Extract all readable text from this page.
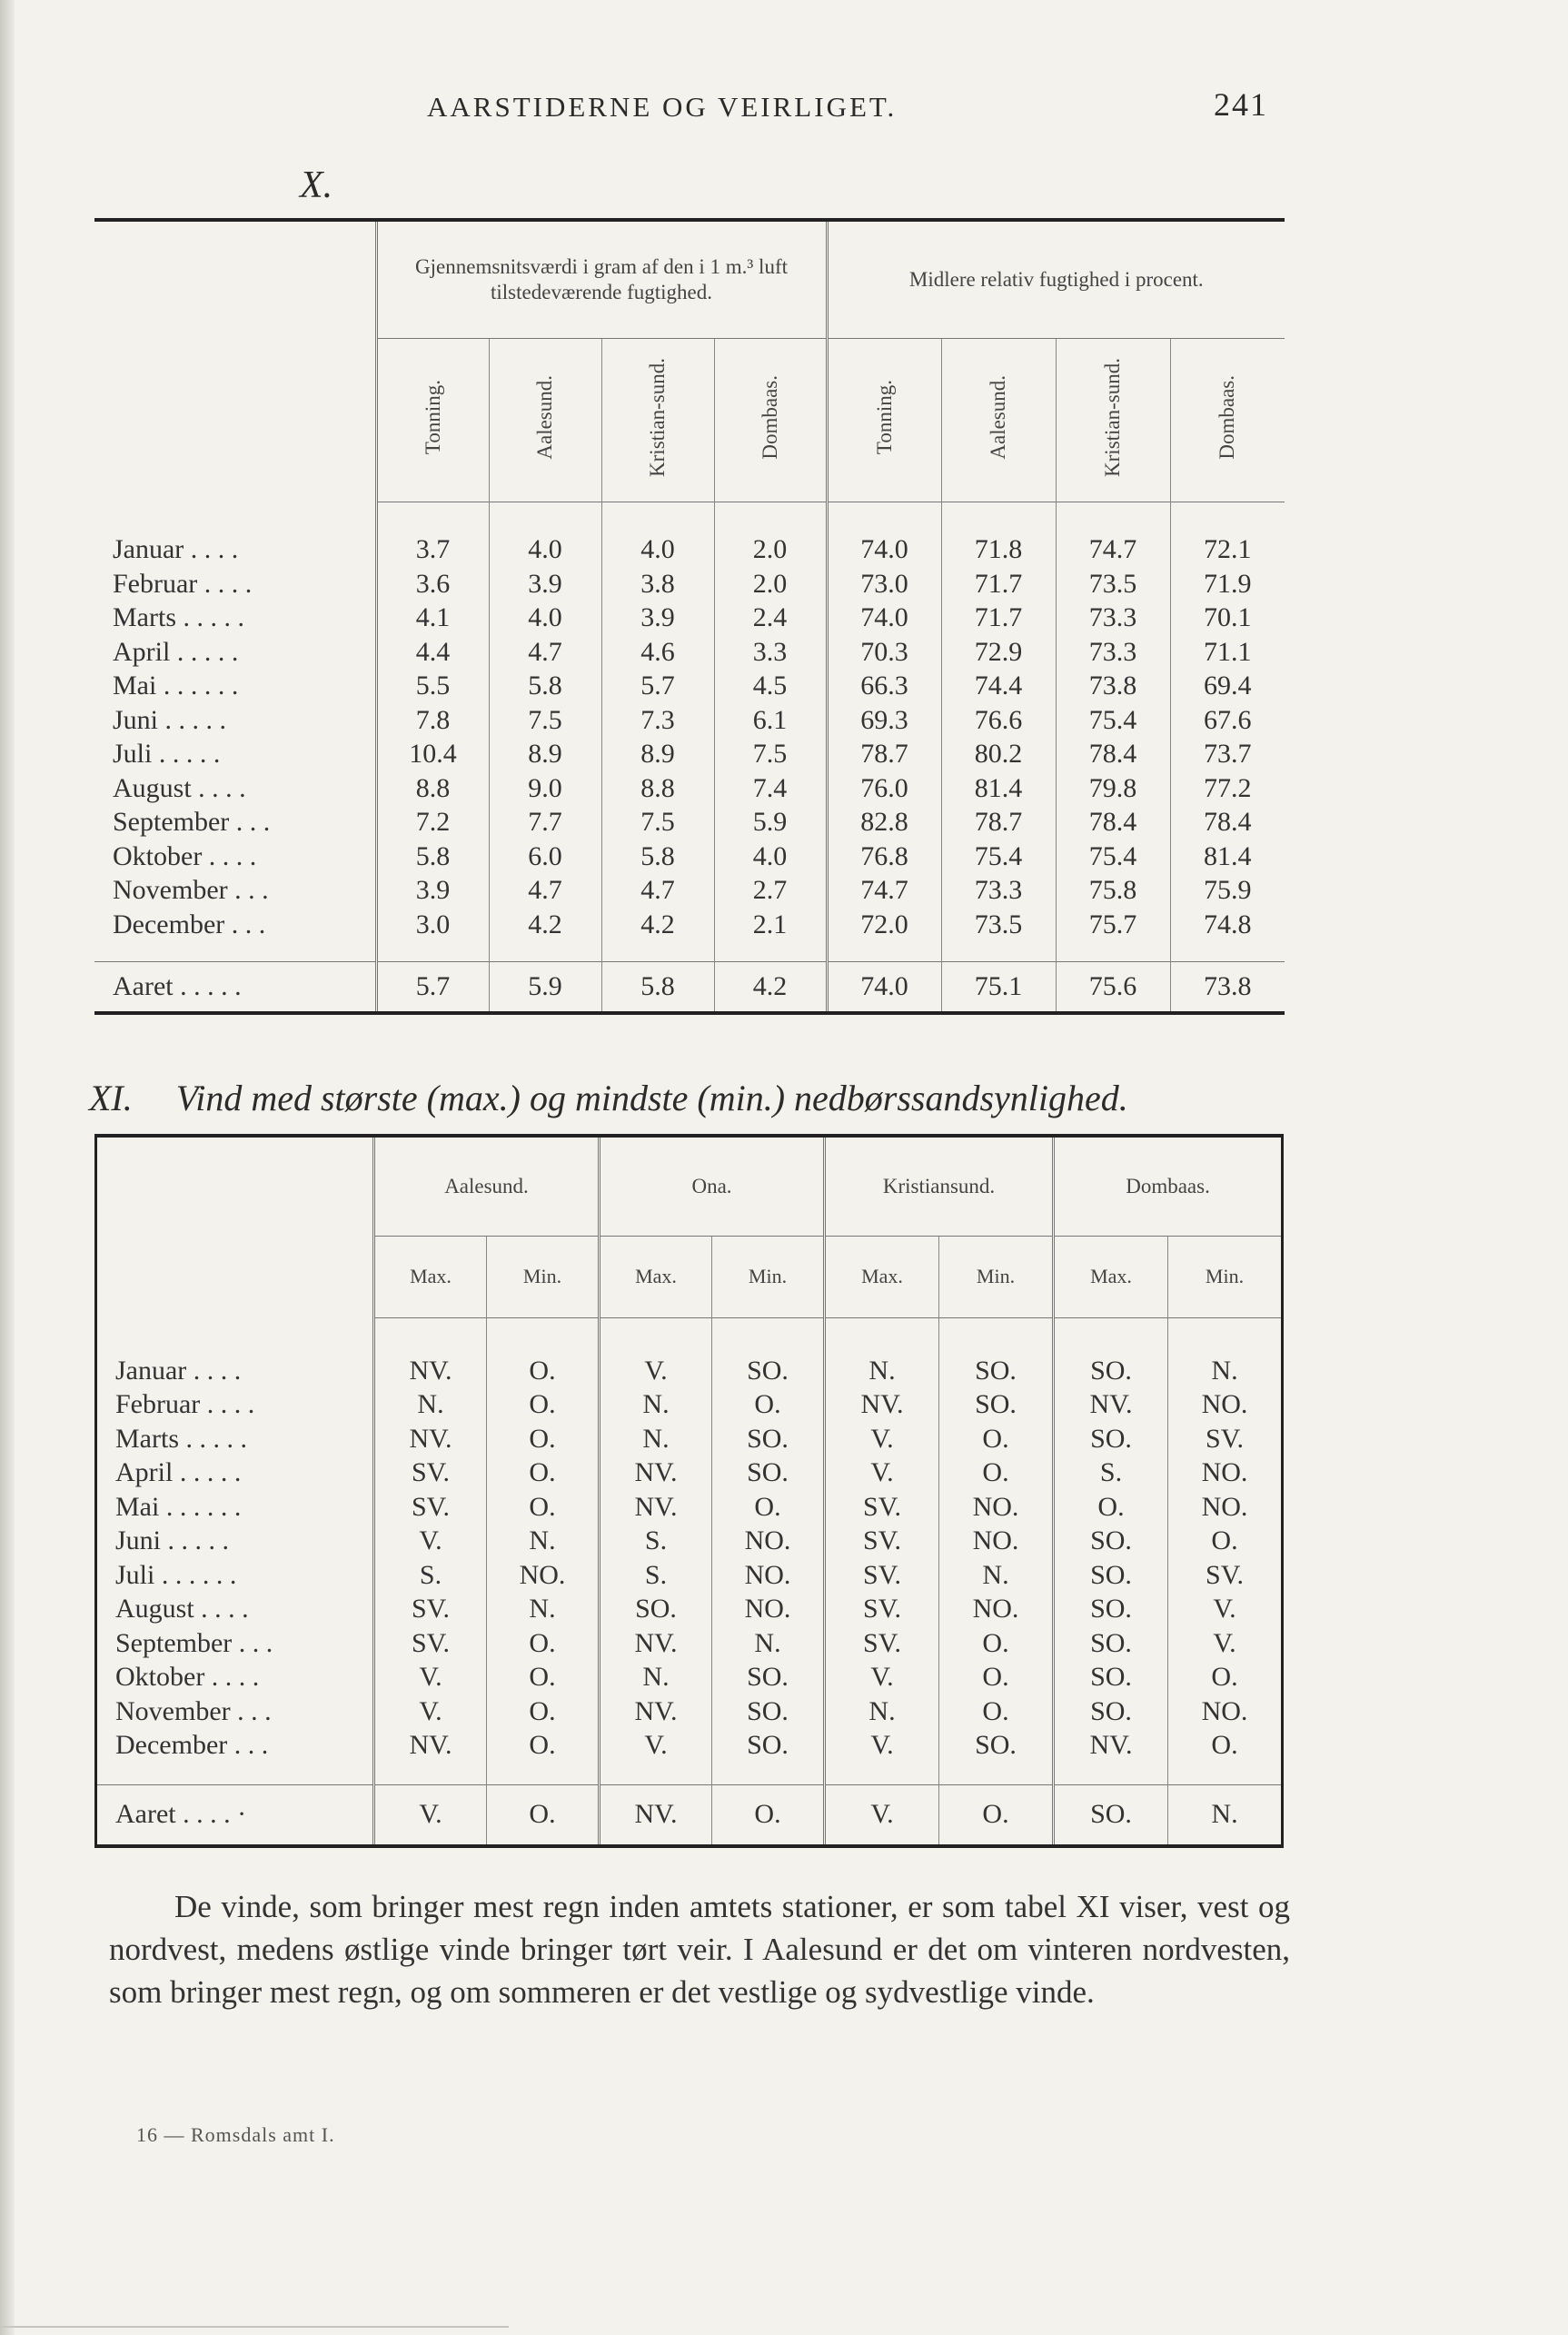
AARSTIDERNE OG VEIRLIGET.	241
X.
	Gjennemsnitsværdi i gram af den i 1 m.³ luft tilstedeværende fugtighed.				Midlere relativ fugtighed i procent.			
	Tonning.	Aalesund.	Kristian-sund.	Dombaas.	Tonning.	Aalesund.	Kristian-sund.	Dombaas.

Januar . . . .	3.7	4.0	4.0	2.0	74.0	71.8	74.7	72.1
Februar . . . .	3.6	3.9	3.8	2.0	73.0	71.7	73.5	71.9
Marts . . . . .	4.1	4.0	3.9	2.4	74.0	71.7	73.3	70.1
April . . . . .	4.4	4.7	4.6	3.3	70.3	72.9	73.3	71.1
Mai . . . . . .	5.5	5.8	5.7	4.5	66.3	74.4	73.8	69.4
Juni . . . . .	7.8	7.5	7.3	6.1	69.3	76.6	75.4	67.6
Juli . . . . .	10.4	8.9	8.9	7.5	78.7	80.2	78.4	73.7
August . . . .	8.8	9.0	8.8	7.4	76.0	81.4	79.8	77.2
September . . .	7.2	7.7	7.5	5.9	82.8	78.7	78.4	78.4
Oktober . . . .	5.8	6.0	5.8	4.0	76.8	75.4	75.4	81.4
November . . .	3.9	4.7	4.7	2.7	74.7	73.3	75.8	75.9
December . . .	3.0	4.2	4.2	2.1	72.0	73.5	75.7	74.8

Aaret . . . . .	5.7	5.9	5.8	4.2	74.0	75.1	75.6	73.8
XI. Vind med største (max.) og mindste (min.) nedbørssandsynlighed.
	Aalesund.		Ona.		Kristiansund.		Dombaas.	
	Max.	Min.	Max.	Min.	Max.	Min.	Max.	Min.

Januar . . . .	NV.	O.	V.	SO.	N.	SO.	SO.	N.
Februar . . . .	N.	O.	N.	O.	NV.	SO.	NV.	NO.
Marts . . . . .	NV.	O.	N.	SO.	V.	O.	SO.	SV.
April . . . . .	SV.	O.	NV.	SO.	V.	O.	S.	NO.
Mai . . . . . .	SV.	O.	NV.	O.	SV.	NO.	O.	NO.
Juni . . . . .	V.	N.	S.	NO.	SV.	NO.	SO.	O.
Juli . . . . . .	S.	NO.	S.	NO.	SV.	N.	SO.	SV.
August . . . .	SV.	N.	SO.	NO.	SV.	NO.	SO.	V.
September . . .	SV.	O.	NV.	N.	SV.	O.	SO.	V.
Oktober . . . .	V.	O.	N.	SO.	V.	O.	SO.	O.
November . . .	V.	O.	NV.	SO.	N.	O.	SO.	NO.
December . . .	NV.	O.	V.	SO.	V.	SO.	NV.	O.

Aaret . . . . ·	V.	O.	NV.	O.	V.	O.	SO.	N.

De vinde, som bringer mest regn inden amtets stationer, er som tabel XI viser, vest og nordvest, medens østlige vinde bringer tørt veir. I Aalesund er det om vinteren nordvesten, som bringer mest regn, og om sommeren er det vestlige og sydvestlige vinde.

16 — Romsdals amt I.
